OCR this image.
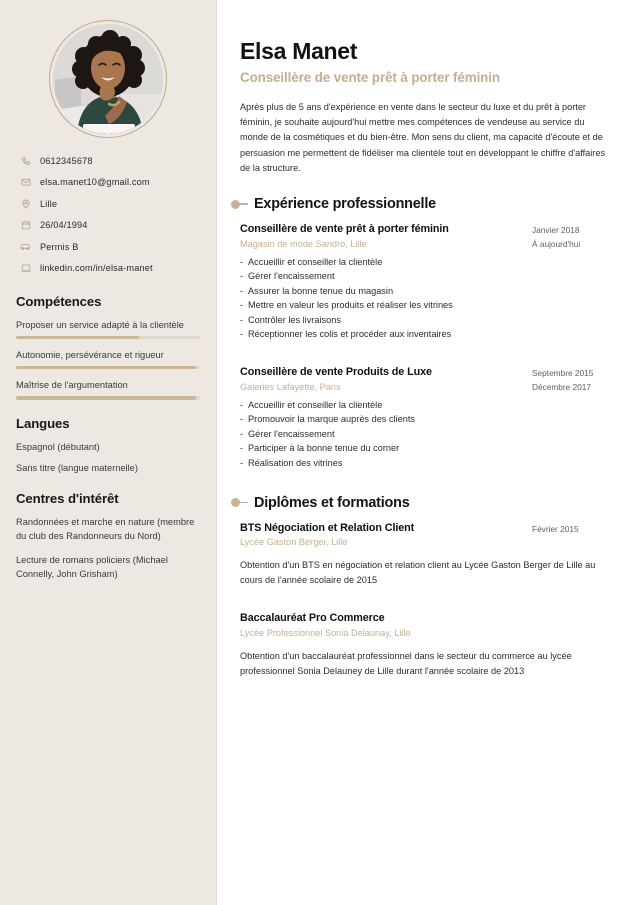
0612345678
elsa.manet10@gmail.com
Lille
26/04/1994
Permis B
linkedin.com/in/elsa-manet
Compétences
Proposer un service adapté à la clientèle
Autonomie, persévérance et rigueur
Maîtrise de l'argumentation
Langues
Espagnol (débutant)
Sans titre (langue maternelle)
Centres d'intérêt
Randonnées et marche en nature (membre du club des Randonneurs du Nord)
Lecture de romans policiers (Michael Connelly, John Grisham)
Elsa Manet
Conseillère de vente prêt à porter féminin

Après plus de 5 ans d'expérience en vente dans le secteur du luxe et du prêt à porter féminin, je souhaite aujourd'hui mettre mes compétences de vendeuse au service du monde de la cosmétiques et du bien-être. Mon sens du client, ma capacité d'écoute et de persuasion me permettent de fidéliser ma clientèle tout en développant le chiffre d'affaires de la structure.

Expérience professionnelle
Conseillère de vente prêt à porter féminin
Magasin de mode Sandro, Lille
Janvier 2018
À aujourd'hui
- Accueillir et conseiller la clientèle
- Gérer l'encaissement
- Assurer la bonne tenue du magasin
- Mettre en valeur les produits et réaliser les vitrines
- Contrôler les livraisons
- Réceptionner les colis et procéder aux inventaires
Conseillère de vente Produits de Luxe
Galeries Lafayette, Paris
Septembre 2015
Décembre 2017
- Accueillir et conseiller la clientèle
- Promouvoir la marque auprès des clients
- Gérer l'encaissement
- Participer à la bonne tenue du corner
- Réalisation des vitrines
Diplômes et formations
BTS Négociation et Relation Client
Lycée Gaston Berger, Lille
Février 2015
Obtention d'un BTS en négociation et relation client au Lycée Gaston Berger de Lille au cours de l'année scolaire de 2015
Baccalauréat Pro Commerce
Lycée Professionnel Sonia Delaunay, Lille
Obtention d'un baccalauréat professionnel dans le secteur du commerce au lycée professionnel Sonia Delauney de Lille durant l'année scolaire de 2013
